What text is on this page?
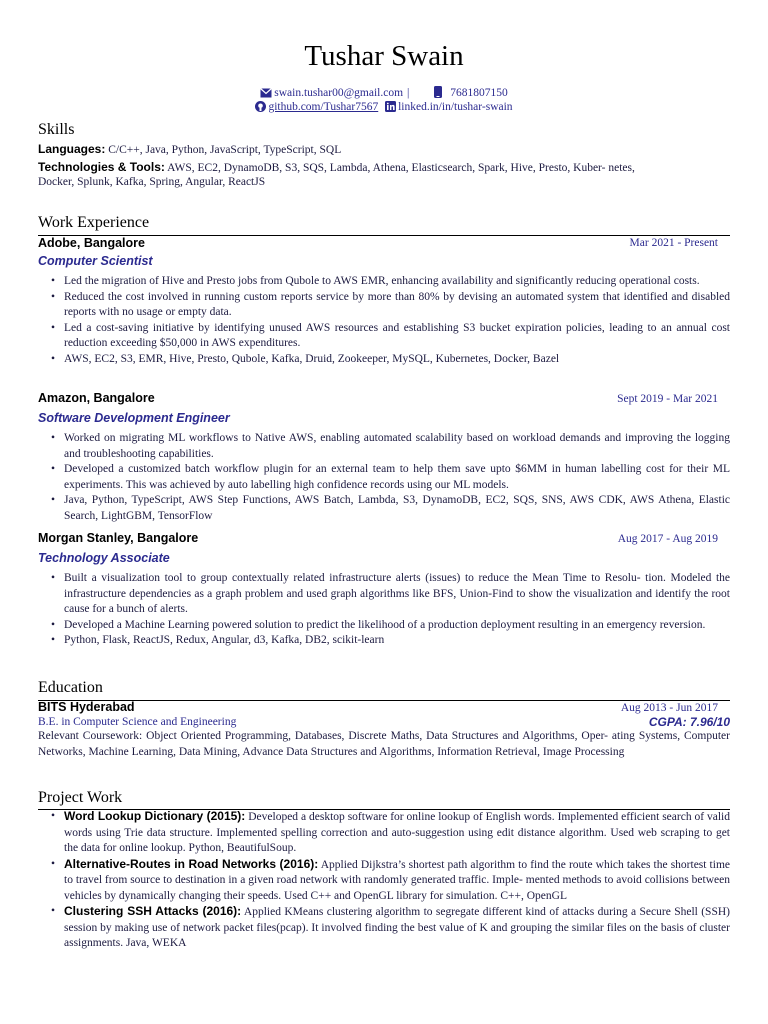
Tushar Swain
swain.tushar00@gmail.com |	7681807150
github.com/Tushar7567 linked.in/in/tushar-swain
Skills
Languages: C/C++, Java, Python, JavaScript, TypeScript, SQL
Technologies & Tools: AWS, EC2, DynamoDB, S3, SQS, Lambda, Athena, Elasticsearch, Spark, Hive, Presto, Kuber- netes,
Docker, Splunk, Kafka, Spring, Angular, ReactJS
Work Experience
Adobe, Bangalore	Mar 2021 - Present
Computer Scientist
• Led the migration of Hive and Presto jobs from Qubole to AWS EMR, enhancing availability and significantly reducing operational costs.
• Reduced the cost involved in running custom reports service by more than 80% by devising an automated system that identified and disabled reports with no usage or empty data.
• Led a cost-saving initiative by identifying unused AWS resources and establishing S3 bucket expiration policies, leading to an annual cost reduction exceeding $50,000 in AWS expenditures.
• AWS, EC2, S3, EMR, Hive, Presto, Qubole, Kafka, Druid, Zookeeper, MySQL, Kubernetes, Docker, Bazel
Amazon, Bangalore	Sept 2019 - Mar 2021
Software Development Engineer
• Worked on migrating ML workflows to Native AWS, enabling automated scalability based on workload demands and improving the logging and troubleshooting capabilities.
• Developed a customized batch workflow plugin for an external team to help them save upto $6MM in human labelling cost for their ML experiments. This was achieved by auto labelling high confidence records using our ML models.
• Java, Python, TypeScript, AWS Step Functions, AWS Batch, Lambda, S3, DynamoDB, EC2, SQS, SNS, AWS CDK, AWS Athena, Elastic Search, LightGBM, TensorFlow
Morgan Stanley, Bangalore	Aug 2017 - Aug 2019
Technology Associate
• Built a visualization tool to group contextually related infrastructure alerts (issues) to reduce the Mean Time to Resolu- tion. Modeled the infrastructure dependencies as a graph problem and used graph algorithms like BFS, Union-Find to show the visualization and identify the root cause for a bunch of alerts.
• Developed a Machine Learning powered solution to predict the likelihood of a production deployment resulting in an emergency reversion.
• Python, Flask, ReactJS, Redux, Angular, d3, Kafka, DB2, scikit-learn
Education
BITS Hyderabad	Aug 2013 - Jun 2017
B.E. in Computer Science and Engineering	CGPA: 7.96/10
Relevant Coursework: Object Oriented Programming, Databases, Discrete Maths, Data Structures and Algorithms, Oper- ating Systems, Computer Networks, Machine Learning, Data Mining, Advance Data Structures and Algorithms, Information Retrieval, Image Processing
Project Work
• Word Lookup Dictionary (2015): Developed a desktop software for online lookup of English words. Implemented efficient search of valid words using Trie data structure. Implemented spelling correction and auto-suggestion using edit distance algorithm. Used web scraping to get the data for online lookup. Python, BeautifulSoup.
• Alternative-Routes in Road Networks (2016): Applied Dijkstra’s shortest path algorithm to find the route which takes the shortest time to travel from source to destination in a given road network with randomly generated traffic. Imple- mented methods to avoid collisions between vehicles by dynamically changing their speeds. Used C++ and OpenGL library for simulation. C++, OpenGL
• Clustering SSH Attacks (2016): Applied KMeans clustering algorithm to segregate different kind of attacks during a Secure Shell (SSH) session by making use of network packet files(pcap). It involved finding the best value of K and grouping the similar files on the basis of cluster assignments. Java, WEKA
